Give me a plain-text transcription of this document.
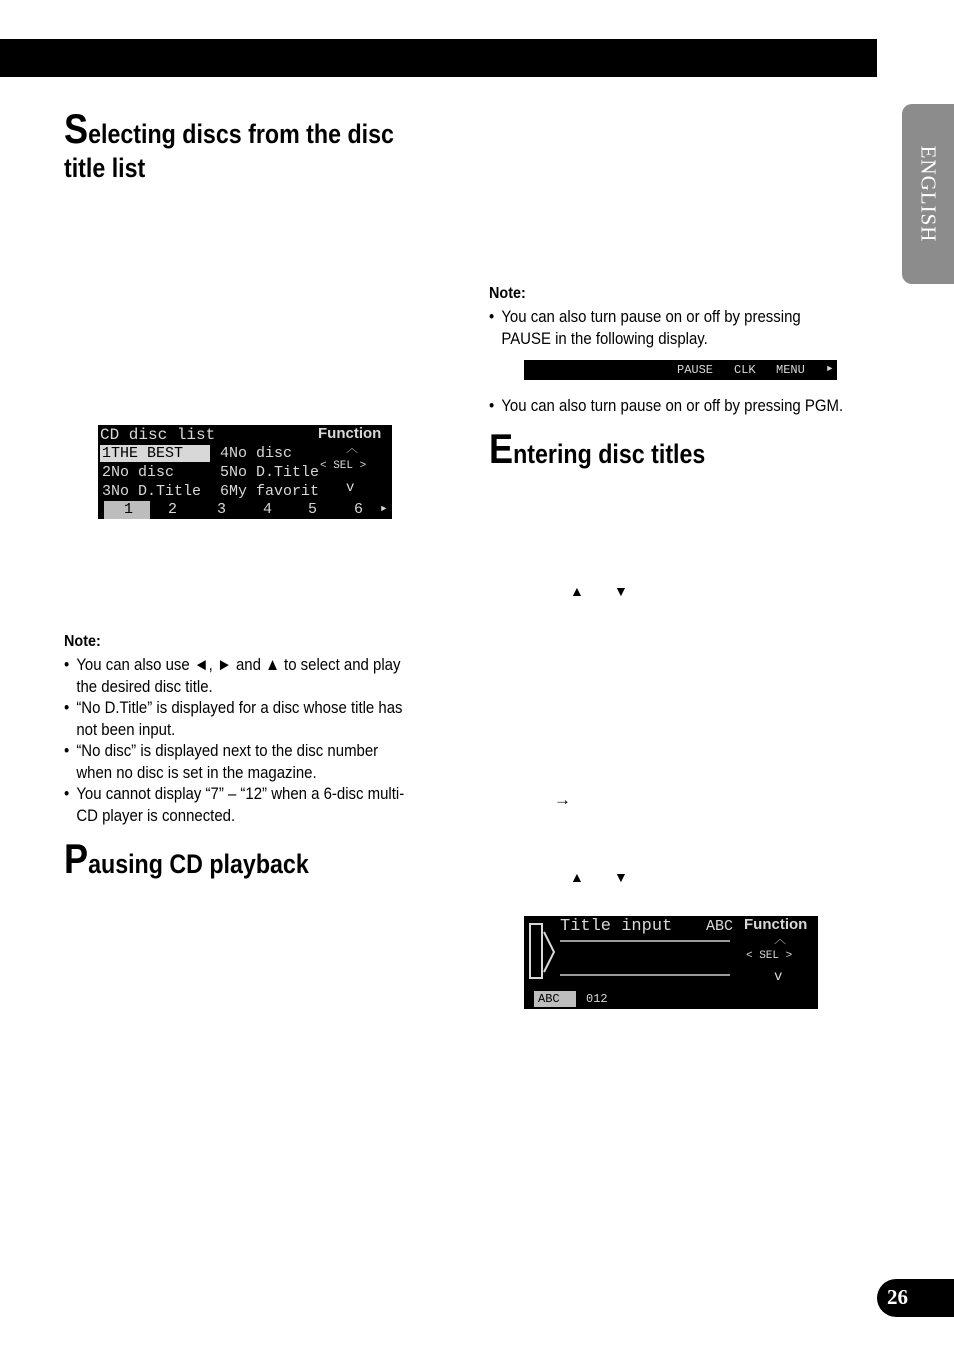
ENGLISH
Selecting discs from the disc
title list
CD disc list	Function
1THE BEST 4No disc
2No disc	5No D.Title
3No D.Title 6My favorit
︿
< SEL >
v
1 2	3 4 5 6 ►
Note:
• You can also use ◄, ► and ▲ to select and play
the desired disc title.
• “No D.Title” is displayed for a disc whose title has
not been input.
• “No disc” is displayed next to the disc number
when no disc is set in the magazine.
• You cannot display “7” – “12” when a 6-disc multi-
CD player is connected.
Pausing CD playback
Note:
• You can also turn pause on or off by pressing
PAUSE in the following display.
PAUSE CLK MENU ►
• You can also turn pause on or off by pressing PGM.
Entering disc titles
▲ ▼
→
▲ ▼
Title input ABC Function
︿
< SEL >
v
ABC 012
26
